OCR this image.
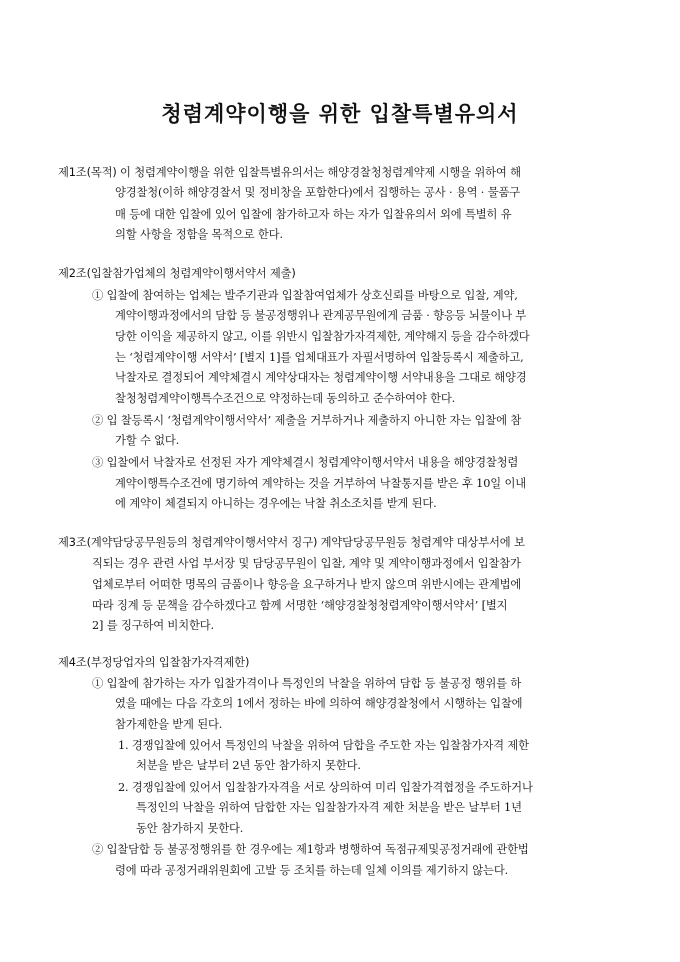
청렴계약이행을 위한 입찰특별유의서
제1조(목적) 이 청렴계약이행을 위한 입찰특별유의서는 해양경찰청청렴계약제 시행을 위하여 해
양경찰청(이하 해양경찰서 및 정비창을 포함한다)에서 집행하는 공사 · 용역 · 물품구
매 등에 대한 입찰에 있어 입찰에 참가하고자 하는 자가 입찰유의서 외에 특별히 유
의할 사항을 정함을 목적으로 한다.
제2조(입찰참가업체의 청렴계약이행서약서 제출)
① 입찰에 참여하는 업체는 발주기관과 입찰참여업체가 상호신뢰를 바탕으로 입찰, 계약,
계약이행과정에서의 담합 등 불공정행위나 관계공무원에게 금품 · 향응등 뇌물이나 부
당한 이익을 제공하지 않고, 이를 위반시 입찰참가자격제한, 계약해지 등을 감수하겠다
는 ‘청렴계약이행 서약서’ [별지 1]를 업체대표가 자필서명하여 입찰등록시 제출하고,
낙찰자로 결정되어 계약체결시 계약상대자는 청렴계약이행 서약내용을 그대로 해양경
찰청청렴계약이행특수조건으로 약정하는데 동의하고 준수하여야 한다.
② 입 찰등록시 ‘청렴계약이행서약서’ 제출을 거부하거나 제출하지 아니한 자는 입찰에 참
가할 수 없다.
③ 입찰에서 낙찰자로 선정된 자가 계약체결시 청렴계약이행서약서 내용을 해양경찰청렴
계약이행특수조건에 명기하여 계약하는 것을 거부하여 낙찰통지를 받은 후 10일 이내
에 계약이 체결되지 아니하는 경우에는 낙찰 취소조치를 받게 된다.
제3조(계약담당공무원등의 청렴계약이행서약서 징구) 계약담당공무원등 청렴계약 대상부서에 보
직되는 경우 관련 사업 부서장 및 담당공무원이 입찰, 계약 및 계약이행과정에서 입찰참가
업체로부터 어떠한 명목의 금품이나 향응을 요구하거나 받지 않으며 위반시에는 관계법에
따라 징계 등 문책을 감수하겠다고 함께 서명한 ‘해양경찰청청렴계약이행서약서’ [별지
2] 를 징구하여 비치한다.
제4조(부정당업자의 입찰참가자격제한)
① 입찰에 참가하는 자가 입찰가격이나 특정인의 낙찰을 위하여 담합 등 불공정 행위를 하
였을 때에는 다음 각호의 1에서 정하는 바에 의하여 해양경찰청에서 시행하는 입찰에
참가제한을 받게 된다.
1. 경쟁입찰에 있어서 특정인의 낙찰을 위하여 담합을 주도한 자는 입찰참가자격 제한
처분을 받은 날부터 2년 동안 참가하지 못한다.
2. 경쟁입찰에 있어서 입찰참가자격을 서로 상의하여 미리 입찰가격협정을 주도하거나
특정인의 낙찰을 위하여 담합한 자는 입찰참가자격 제한 처분을 받은 날부터 1년
동안 참가하지 못한다.
② 입찰담합 등 불공정행위를 한 경우에는 제1항과 병행하여 독점규제및공정거래에 관한법
령에 따라 공정거래위원회에 고발 등 조치를 하는데 일체 이의를 제기하지 않는다.
